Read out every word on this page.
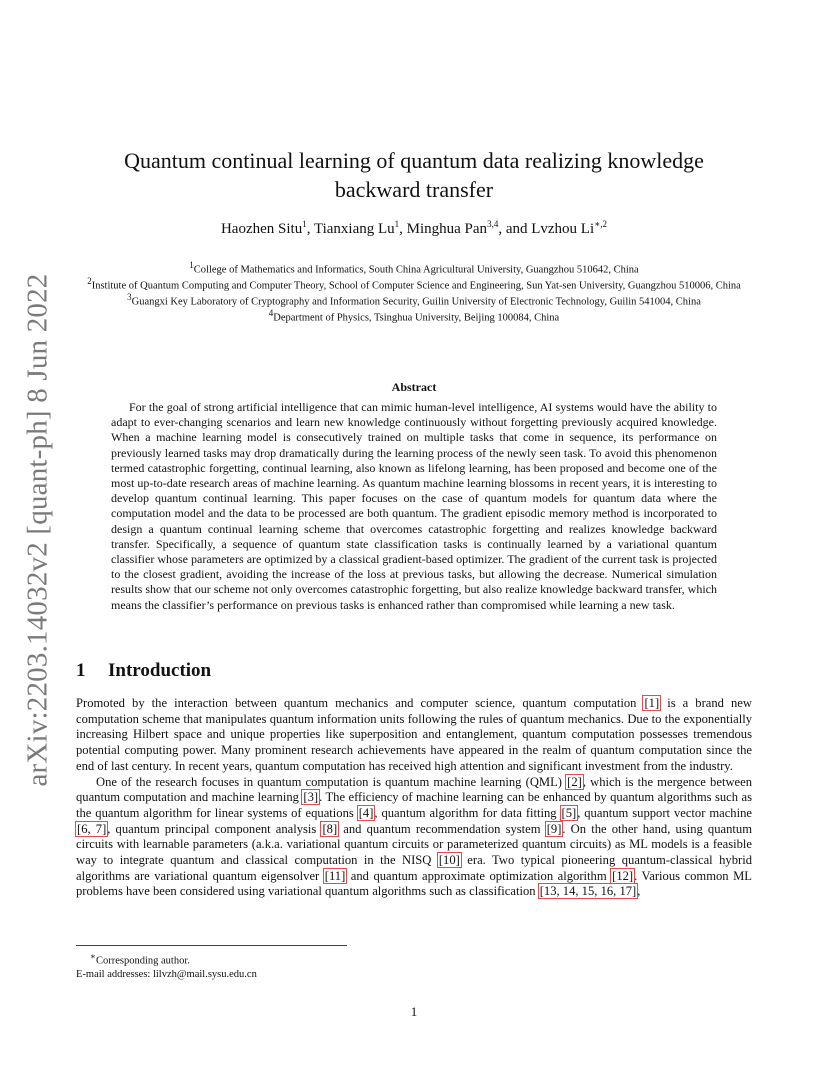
arXiv:2203.14032v2 [quant-ph] 8 Jun 2022
Quantum continual learning of quantum data realizing knowledge
backward transfer

Haozhen Situ$^1$, Tianxiang Lu$^1$, Minghua Pan$^{3,4}$, and Lvzhou $Li^{∗,2}$

$^1$College of Mathematics and Informatics, South China Agricultural University, Guangzhou 510642, China

$^2$Institute of Quantum Computing and Computer Theory, School of Computer Science and Engineering, Sun Yat-sen University, Guangzhou 510006, China

$^3$Guangxi Key Laboratory of Cryptography and Information Security, Guilin University of Electronic Technology, Guilin 541004, China

$^4$Department of Physics, Tsinghua University, Beijing 100084, China

Abstract

For the goal of strong artificial intelligence that can mimic human-level intelligence, AI systems would have the ability to adapt to ever-changing scenarios and learn new knowledge continuously without forgetting previously acquired knowledge. When a machine learning model is consecutively trained on multiple tasks that come in sequence, its performance on previously learned tasks may drop dramatically during the learning process of the newly seen task. To avoid this phenomenon termed catastrophic forgetting, continual learning, also known as lifelong learning, has been proposed and become one of the most up-to-date research areas of machine learning. As quantum machine learning blossoms in recent years, it is interesting to develop quantum continual learning. This paper focuses on the case of quantum models for quantum data where the computation model and the data to be processed are both quantum. The gradient episodic memory method is incorporated to design a quantum continual learning scheme that overcomes catastrophic forgetting and realizes knowledge backward transfer. Specifically, a sequence of quantum state classification tasks is continually learned by a variational quantum classifier whose parameters are optimized by a classical gradient-based optimizer. The gradient of the current task is projected to the closest gradient, avoiding the increase of the loss at previous tasks, but allowing the decrease. Numerical simulation results show that our scheme not only overcomes catastrophic forgetting, but also realize knowledge backward transfer, which means the classifier’s performance on previous tasks is enhanced rather than compromised while learning a new task.

1 Introduction

Promoted by the interaction between quantum mechanics and computer science, quantum computation [1] is a brand new computation scheme that manipulates quantum information units following the rules of quantum mechanics. Due to the exponentially increasing Hilbert space and unique properties like superposition and entanglement, quantum computation possesses tremendous potential computing power. Many prominent research achievements have appeared in the realm of quantum computation since the end of last century. In recent years, quantum computation has received high attention and significant investment from the industry.

One of the research focuses in quantum computation is quantum machine learning (QML) [2], which is the mergence between quantum computation and machine learning [3]. The efficiency of machine learning can be enhanced by quantum algorithms such as the quantum algorithm for linear systems of equations [4], quantum algorithm for data fitting [5], quantum support vector machine [6, 7], quantum principal component analysis [8] and quantum recommendation system [9]. On the other hand, using quantum circuits with learnable parameters (a.k.a. variational quantum circuits or parameterized quantum circuits) as ML models is a feasible way to integrate quantum and classical computation in the NISQ [10] era. Two typical pioneering quantum-classical hybrid algorithms are variational quantum eigensolver [11] and quantum approximate optimization algorithm [12]. Various common ML problems have been considered using variational quantum algorithms such as classification [13, 14, 15, 16, 17],

∗Corresponding author.

E-mail addresses: lilvzh@mail.sysu.edu.cn

1
